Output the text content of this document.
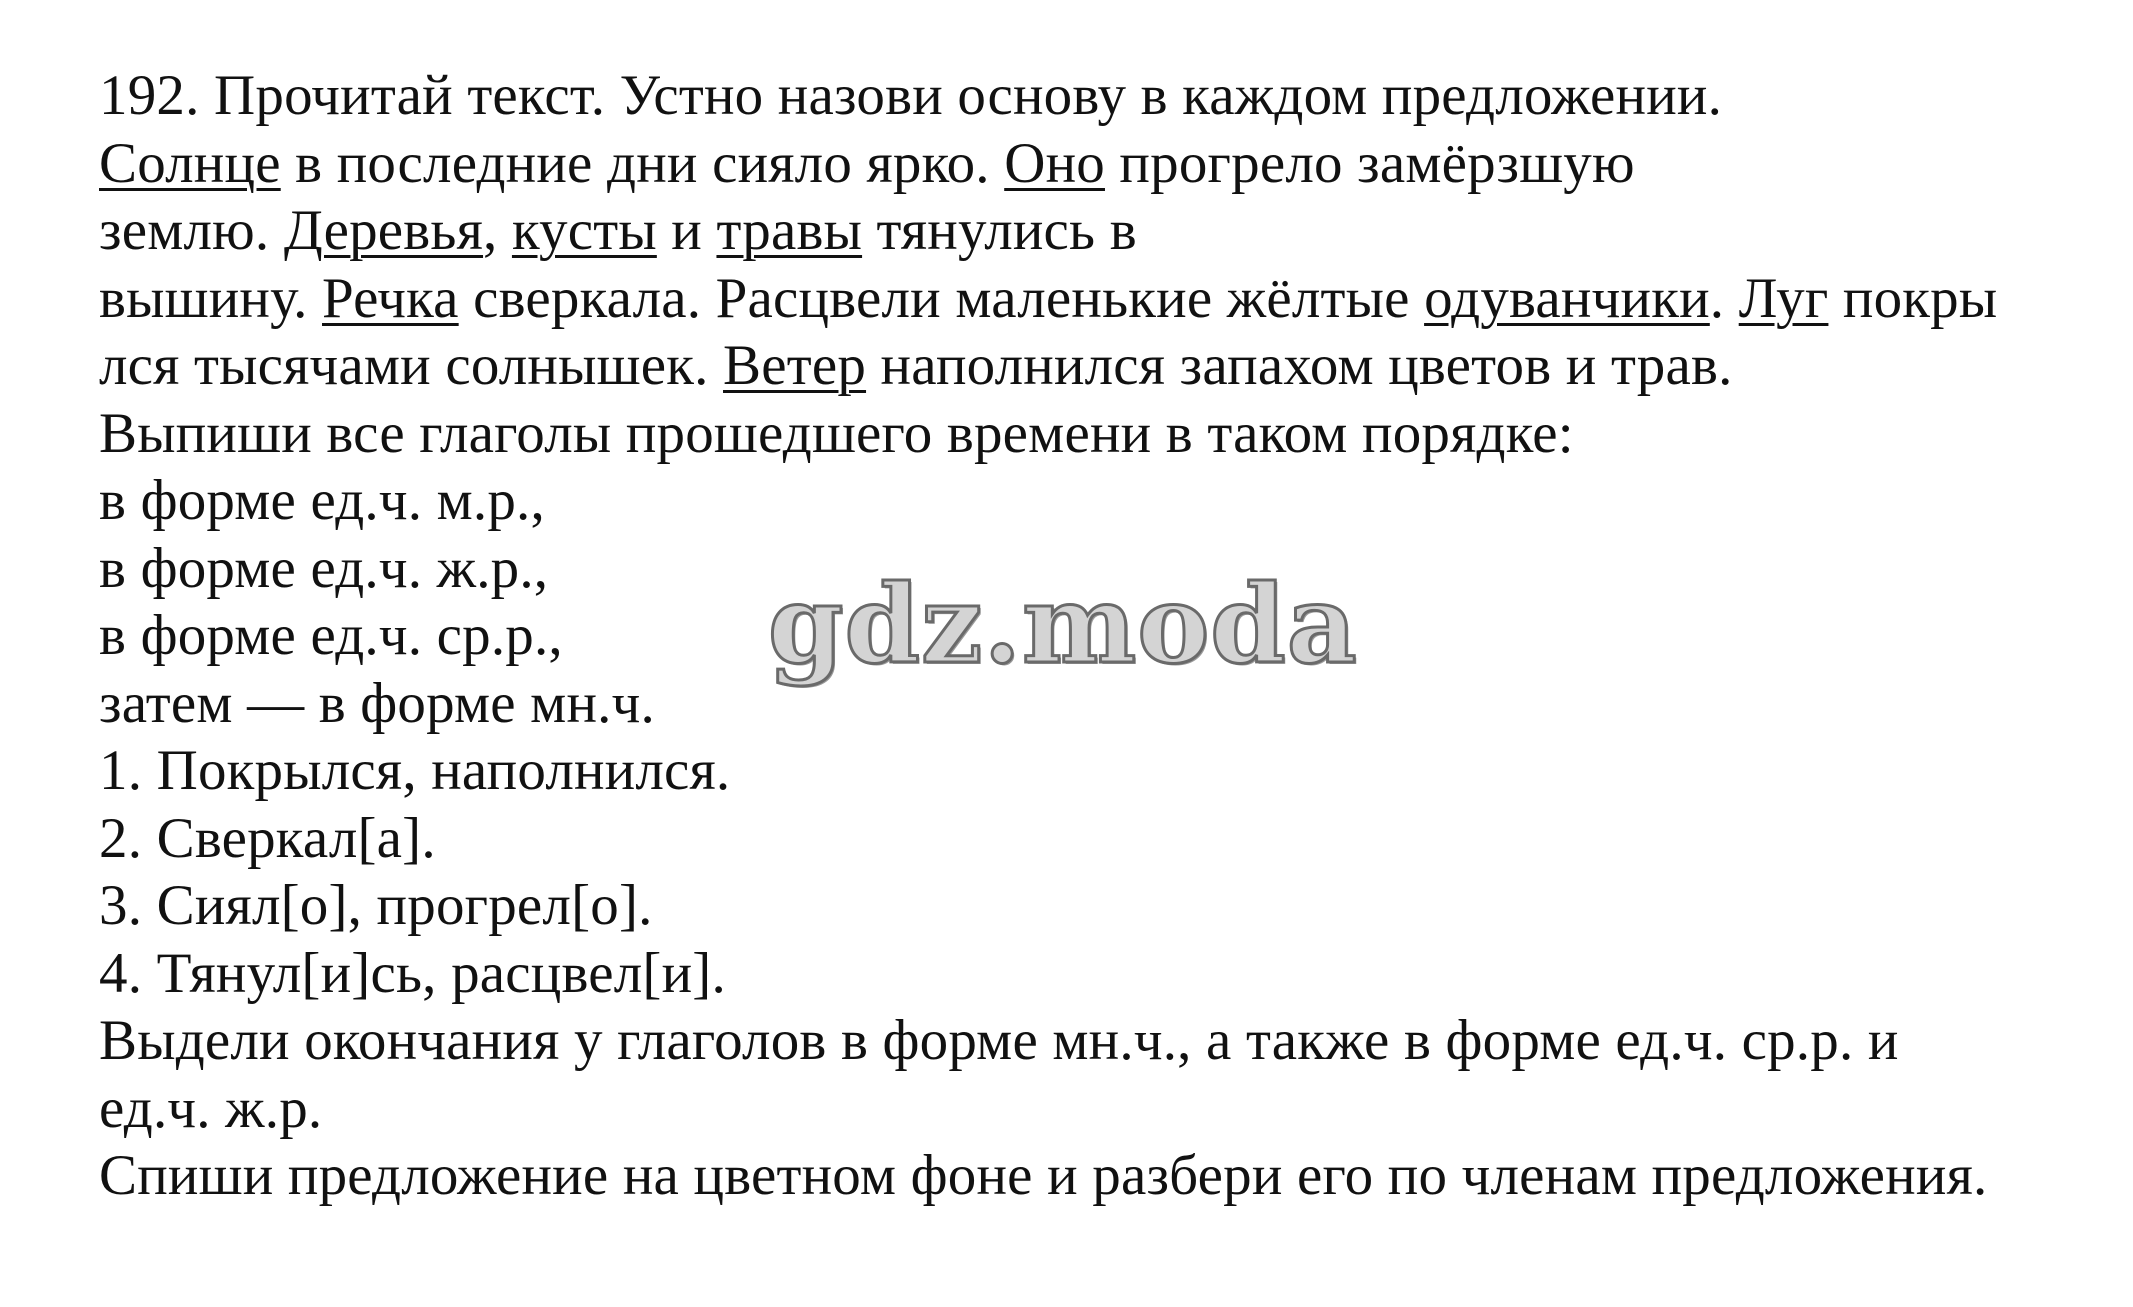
192. Прочитай текст. Устно назови основу в каждом предложении.
Солнце в последние дни сияло ярко. Оно прогрело замёрзшую
землю. Деревья, кусты и травы тянулись в
вышину. Речка сверкала. Расцвели маленькие жёлтые одуванчики. Луг покры
лся тысячами солнышек. Ветер наполнился запахом цветов и трав.
Выпиши все глаголы прошедшего времени в таком порядке:
в форме ед.ч. м.р.,
в форме ед.ч. ж.р.,
в форме ед.ч. ср.р.,
затем — в форме мн.ч.
1. Покрылся, наполнился.
2. Сверкал[а].
3. Сиял[о], прогрел[о].
4. Тянул[и]сь, расцвел[и].
Выдели окончания у глаголов в форме мн.ч., а также в форме ед.ч. ср.р. и
ед.ч. ж.р.
Спиши предложение на цветном фоне и разбери его по членам предложения.
gdz.moda
